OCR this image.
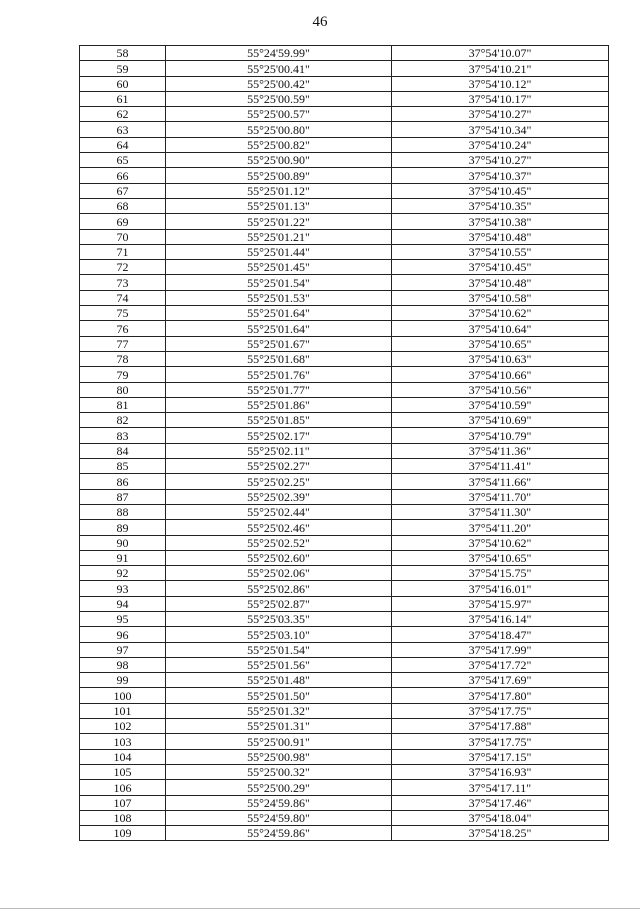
46
58	55°24'59.99"	37°54'10.07"
59	55°25'00.41"	37°54'10.21"
60	55°25'00.42"	37°54'10.12"
61	55°25'00.59"	37°54'10.17"
62	55°25'00.57"	37°54'10.27"
63	55°25'00.80"	37°54'10.34"
64	55°25'00.82"	37°54'10.24"
65	55°25'00.90"	37°54'10.27"
66	55°25'00.89"	37°54'10.37"
67	55°25'01.12"	37°54'10.45"
68	55°25'01.13"	37°54'10.35"
69	55°25'01.22"	37°54'10.38"
70	55°25'01.21"	37°54'10.48"
71	55°25'01.44"	37°54'10.55"
72	55°25'01.45"	37°54'10.45"
73	55°25'01.54"	37°54'10.48"
74	55°25'01.53"	37°54'10.58"
75	55°25'01.64"	37°54'10.62"
76	55°25'01.64"	37°54'10.64"
77	55°25'01.67"	37°54'10.65"
78	55°25'01.68"	37°54'10.63"
79	55°25'01.76"	37°54'10.66"
80	55°25'01.77"	37°54'10.56"
81	55°25'01.86"	37°54'10.59"
82	55°25'01.85"	37°54'10.69"
83	55°25'02.17"	37°54'10.79"
84	55°25'02.11"	37°54'11.36"
85	55°25'02.27"	37°54'11.41"
86	55°25'02.25"	37°54'11.66"
87	55°25'02.39"	37°54'11.70"
88	55°25'02.44"	37°54'11.30"
89	55°25'02.46"	37°54'11.20"
90	55°25'02.52"	37°54'10.62"
91	55°25'02.60"	37°54'10.65"
92	55°25'02.06"	37°54'15.75"
93	55°25'02.86"	37°54'16.01"
94	55°25'02.87"	37°54'15.97"
95	55°25'03.35"	37°54'16.14"
96	55°25'03.10"	37°54'18.47"
97	55°25'01.54"	37°54'17.99"
98	55°25'01.56"	37°54'17.72"
99	55°25'01.48"	37°54'17.69"
100	55°25'01.50"	37°54'17.80"
101	55°25'01.32"	37°54'17.75"
102	55°25'01.31"	37°54'17.88"
103	55°25'00.91"	37°54'17.75"
104	55°25'00.98"	37°54'17.15"
105	55°25'00.32"	37°54'16.93"
106	55°25'00.29"	37°54'17.11"
107	55°24'59.86"	37°54'17.46"
108	55°24'59.80"	37°54'18.04"
109	55°24'59.86"	37°54'18.25"
